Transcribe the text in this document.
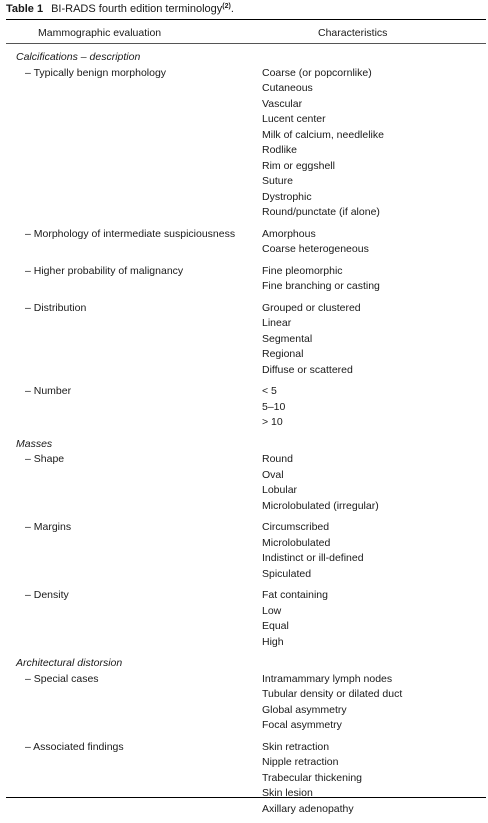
Table 1 BI-RADS fourth edition terminology$^{(2)}$.
Mammographic evaluation	Characteristics
Calcifications – description
– Typically benign morphology	Coarse (or popcornlike)
Cutaneous
Vascular
Lucent center
Milk of calcium, needlelike
Rodlike
Rim or eggshell
Suture
Dystrophic
Round/punctate (if alone)
– Morphology of intermediate suspiciousness	Amorphous
Coarse heterogeneous
– Higher probability of malignancy	Fine pleomorphic
Fine branching or casting
– Distribution	Grouped or clustered
Linear
Segmental
Regional
Diffuse or scattered
– Number	< 5
5–10
> 10
Masses
– Shape	Round
Oval
Lobular
Microlobulated (irregular)
– Margins	Circumscribed
Microlobulated
Indistinct or ill-defined
Spiculated
– Density	Fat containing
Low
Equal
High
Architectural distorsion
– Special cases	Intramammary lymph nodes
Tubular density or dilated duct
Global asymmetry
Focal asymmetry
– Associated findings	Skin retraction
Nipple retraction
Trabecular thickening
Skin lesion
Axillary adenopathy
